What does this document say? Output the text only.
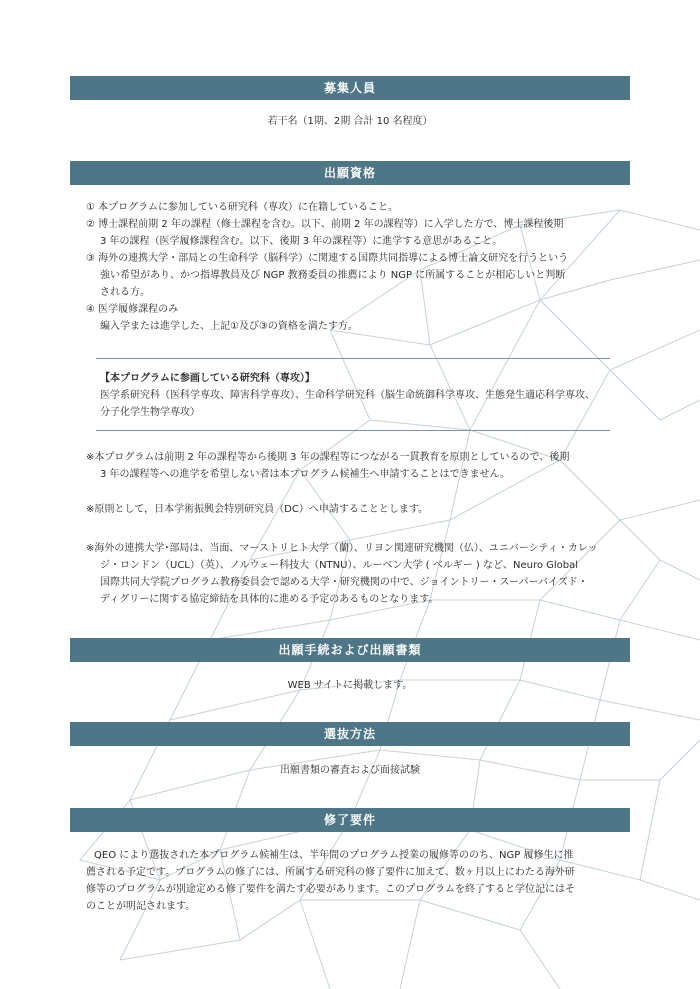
募集人員
若干名（1期、2期 合計 10 名程度）
出願資格
① 本プログラムに参加している研究科（専攻）に在籍していること。
② 博士課程前期 2 年の課程（修士課程を含む。以下、前期 2 年の課程等）に入学した方で、博士課程後期
3 年の課程（医学履修課程含む。以下、後期 3 年の課程等）に進学する意思があること。
③ 海外の連携大学・部局との生命科学（脳科学）に関連する国際共同指導による博士論文研究を行うという
強い希望があり、かつ指導教員及び NGP 教務委員の推薦により NGP に所属することが相応しいと判断
される方。
④ 医学履修課程のみ
編入学または進学した、上記①及び③の資格を満たす方。
【本プログラムに参画している研究科（専攻）】
医学系研究科（医科学専攻、障害科学専攻）、生命科学研究科（脳生命統御科学専攻、生態発生適応科学専攻、
分子化学生物学専攻）
※本プログラムは前期 2 年の課程等から後期 3 年の課程等につながる一貫教育を原則としているので、後期
3 年の課程等への進学を希望しない者は本プログラム候補生へ申請することはできません。
※原則として，日本学術振興会特別研究員（DC）へ申請することとします。
※海外の連携大学･部局は、当面、マーストリヒト大学（蘭）、リヨン関連研究機関（仏）、ユニバーシティ・カレッ
ジ・ロンドン（UCL）（英）、ノルウェー科技大（NTNU）、ルーベン大学 ( ベルギー ) など、Neuro Global
国際共同大学院プログラム教務委員会で認める大学・研究機関の中で、ジョイントリー・スーパーバイズド・
ディグリーに関する協定締結を具体的に進める予定のあるものとなります。
出願手続および出願書類
WEB サイトに掲載します。
選抜方法
出願書類の審査および面接試験
修了要件
QEO により選抜された本プログラム候補生は、半年間のプログラム授業の履修等ののち、NGP 履修生に推
薦される予定です。プログラムの修了には、所属する研究科の修了要件に加えて、数ヶ月以上にわたる海外研
修等のプログラムが別途定める修了要件を満たす必要があります。このプログラムを終了すると学位記にはそ
のことが明記されます。
